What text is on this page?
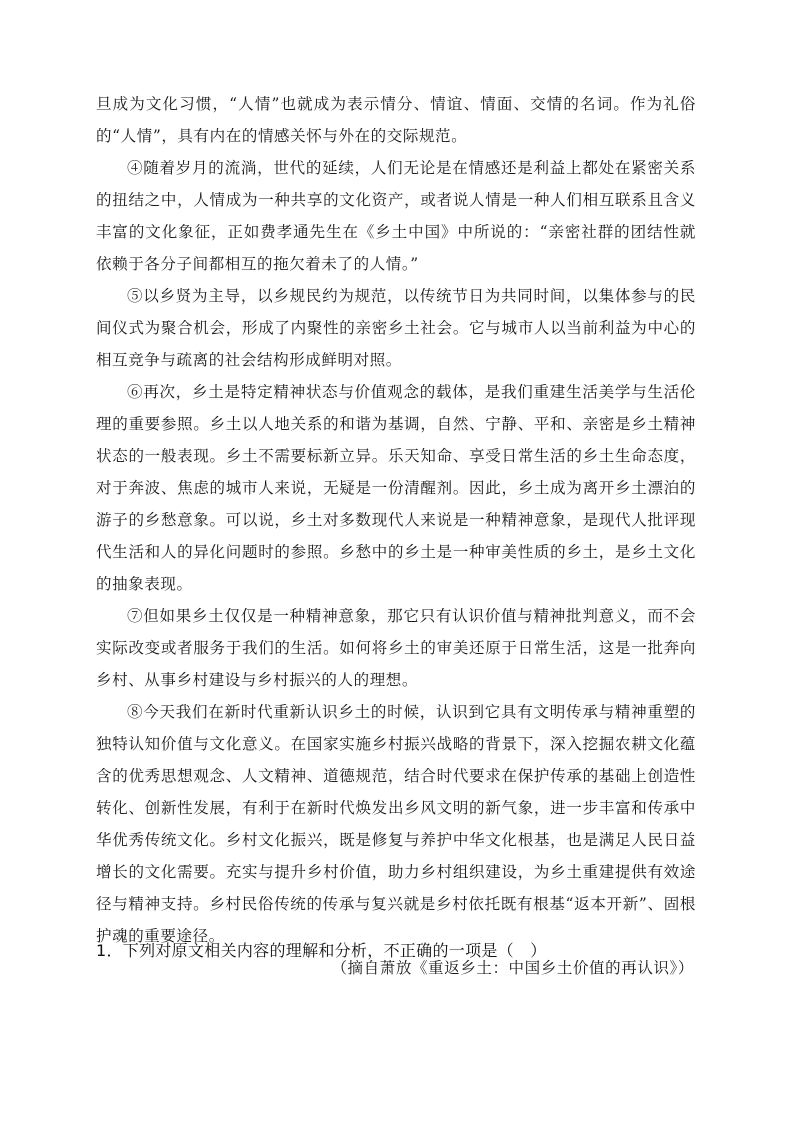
旦成为文化习惯，“人情”也就成为表示情分、情谊、情面、交情的名词。作为礼俗的“人情”，具有内在的情感关怀与外在的交际规范。

④随着岁月的流淌，世代的延续，人们无论是在情感还是利益上都处在紧密关系的扭结之中，人情成为一种共享的文化资产，或者说人情是一种人们相互联系且含义丰富的文化象征，正如费孝通先生在《乡土中国》中所说的：“亲密社群的团结性就依赖于各分子间都相互的拖欠着未了的人情。”

⑤以乡贤为主导，以乡规民约为规范，以传统节日为共同时间，以集体参与的民间仪式为聚合机会，形成了内聚性的亲密乡土社会。它与城市人以当前利益为中心的相互竞争与疏离的社会结构形成鲜明对照。

⑥再次，乡土是特定精神状态与价值观念的载体，是我们重建生活美学与生活伦理的重要参照。乡土以人地关系的和谐为基调，自然、宁静、平和、亲密是乡土精神状态的一般表现。乡土不需要标新立异。乐天知命、享受日常生活的乡土生命态度，对于奔波、焦虑的城市人来说，无疑是一份清醒剂。因此，乡土成为离开乡土漂泊的游子的乡愁意象。可以说，乡土对多数现代人来说是一种精神意象，是现代人批评现代生活和人的异化问题时的参照。乡愁中的乡土是一种审美性质的乡土，是乡土文化的抽象表现。

⑦但如果乡土仅仅是一种精神意象，那它只有认识价值与精神批判意义，而不会实际改变或者服务于我们的生活。如何将乡土的审美还原于日常生活，这是一批奔向乡村、从事乡村建设与乡村振兴的人的理想。

⑧今天我们在新时代重新认识乡土的时候，认识到它具有文明传承与精神重塑的独特认知价值与文化意义。在国家实施乡村振兴战略的背景下，深入挖掘农耕文化蕴含的优秀思想观念、人文精神、道德规范，结合时代要求在保护传承的基础上创造性转化、创新性发展，有利于在新时代焕发出乡风文明的新气象，进一步丰富和传承中华优秀传统文化。乡村文化振兴，既是修复与养护中华文化根基，也是满足人民日益增长的文化需要。充实与提升乡村价值，助力乡村组织建设，为乡土重建提供有效途径与精神支持。乡村民俗传统的传承与复兴就是乡村依托既有根基“返本开新”、固根护魂的重要途径。

（摘自萧放《重返乡土：中国乡土价值的再认识》）

1．下列对原文相关内容的理解和分析，不正确的一项是（　）
